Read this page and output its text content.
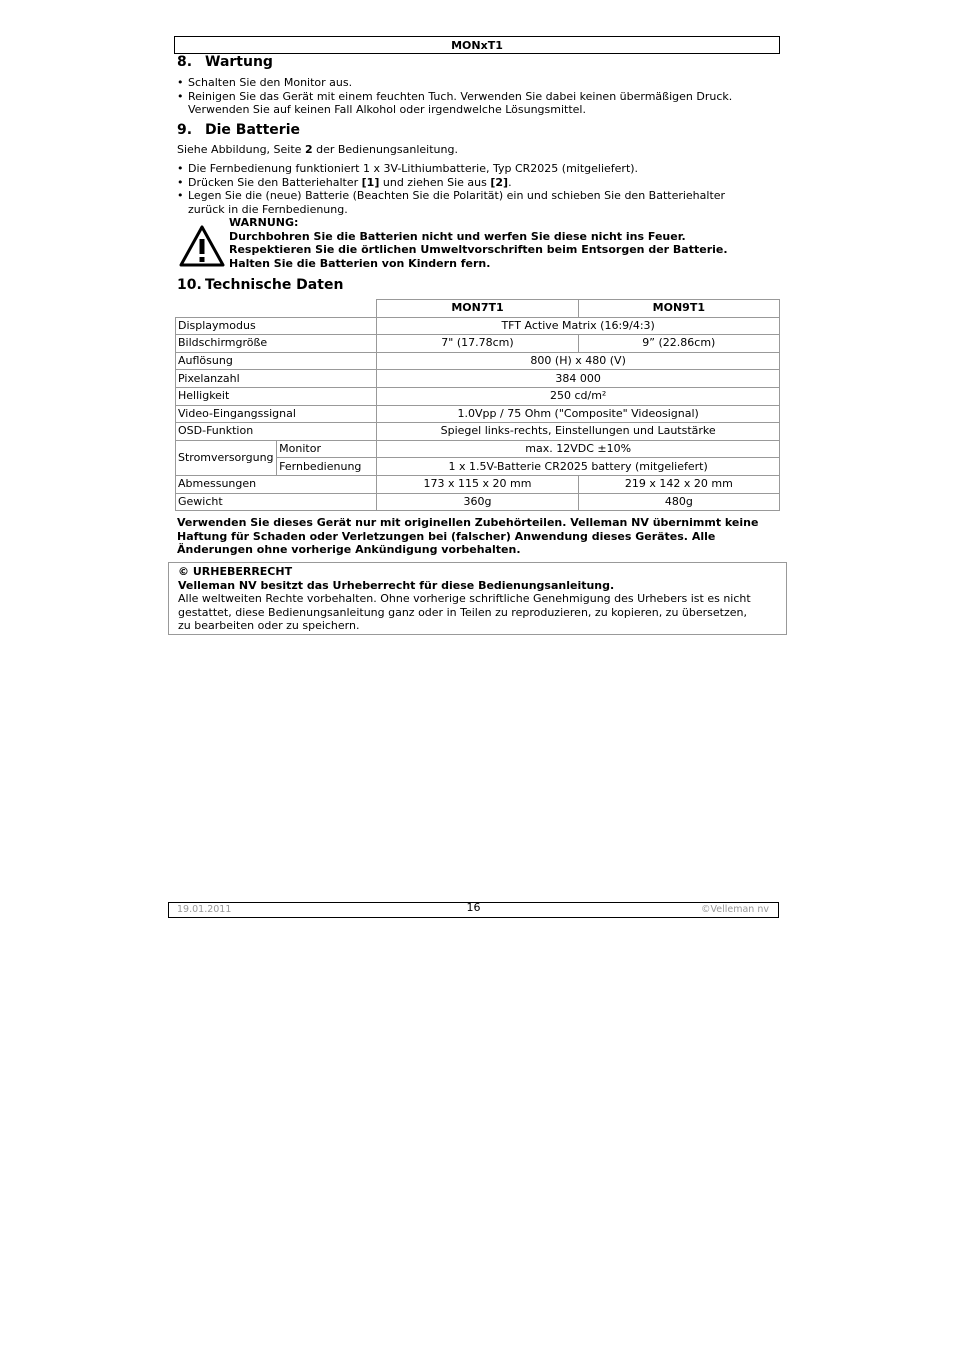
MONxT1
8. Wartung
• Schalten Sie den Monitor aus.
• Reinigen Sie das Gerät mit einem feuchten Tuch. Verwenden Sie dabei keinen übermäßigen Druck.
Verwenden Sie auf keinen Fall Alkohol oder irgendwelche Lösungsmittel.
9. Die Batterie
Siehe Abbildung, Seite 2 der Bedienungsanleitung.
• Die Fernbedienung funktioniert 1 x 3V-Lithiumbatterie, Typ CR2025 (mitgeliefert).
• Drücken Sie den Batteriehalter [1] und ziehen Sie aus [2].
• Legen Sie die (neue) Batterie (Beachten Sie die Polarität) ein und schieben Sie den Batteriehalter
zurück in die Fernbedienung.
WARNUNG:
Durchbohren Sie die Batterien nicht und werfen Sie diese nicht ins Feuer.
Respektieren Sie die örtlichen Umweltvorschriften beim Entsorgen der Batterie.
Halten Sie die Batterien von Kindern fern.
10. Technische Daten
		MON7T1	MON9T1
Displaymodus		TFT Active Matrix (16:9/4:3)	
Bildschirmgröße		7" (17.78cm)	9” (22.86cm)
Auflösung		800 (H) x 480 (V)	
Pixelanzahl		384 000	
Helligkeit		250 cd/m²	
Video-Eingangssignal		1.0Vpp / 75 Ohm ("Composite" Videosignal)	
OSD-Funktion		Spiegel links-rechts, Einstellungen und Lautstärke	
Stromversorgung	Monitor	max. 12VDC ±10%	
	Fernbedienung	1 x 1.5V-Batterie CR2025 battery (mitgeliefert)	
Abmessungen		173 x 115 x 20 mm	219 x 142 x 20 mm
Gewicht		360g	480g
Verwenden Sie dieses Gerät nur mit originellen Zubehörteilen. Velleman NV übernimmt keine
Haftung für Schaden oder Verletzungen bei (falscher) Anwendung dieses Gerätes. Alle
Änderungen ohne vorherige Ankündigung vorbehalten.
© URHEBERRECHT
Velleman NV besitzt das Urheberrecht für diese Bedienungsanleitung.
Alle weltweiten Rechte vorbehalten. Ohne vorherige schriftliche Genehmigung des Urhebers ist es nicht
gestattet, diese Bedienungsanleitung ganz oder in Teilen zu reproduzieren, zu kopieren, zu übersetzen,
zu bearbeiten oder zu speichern.
19.01.2011	16	©Velleman nv
